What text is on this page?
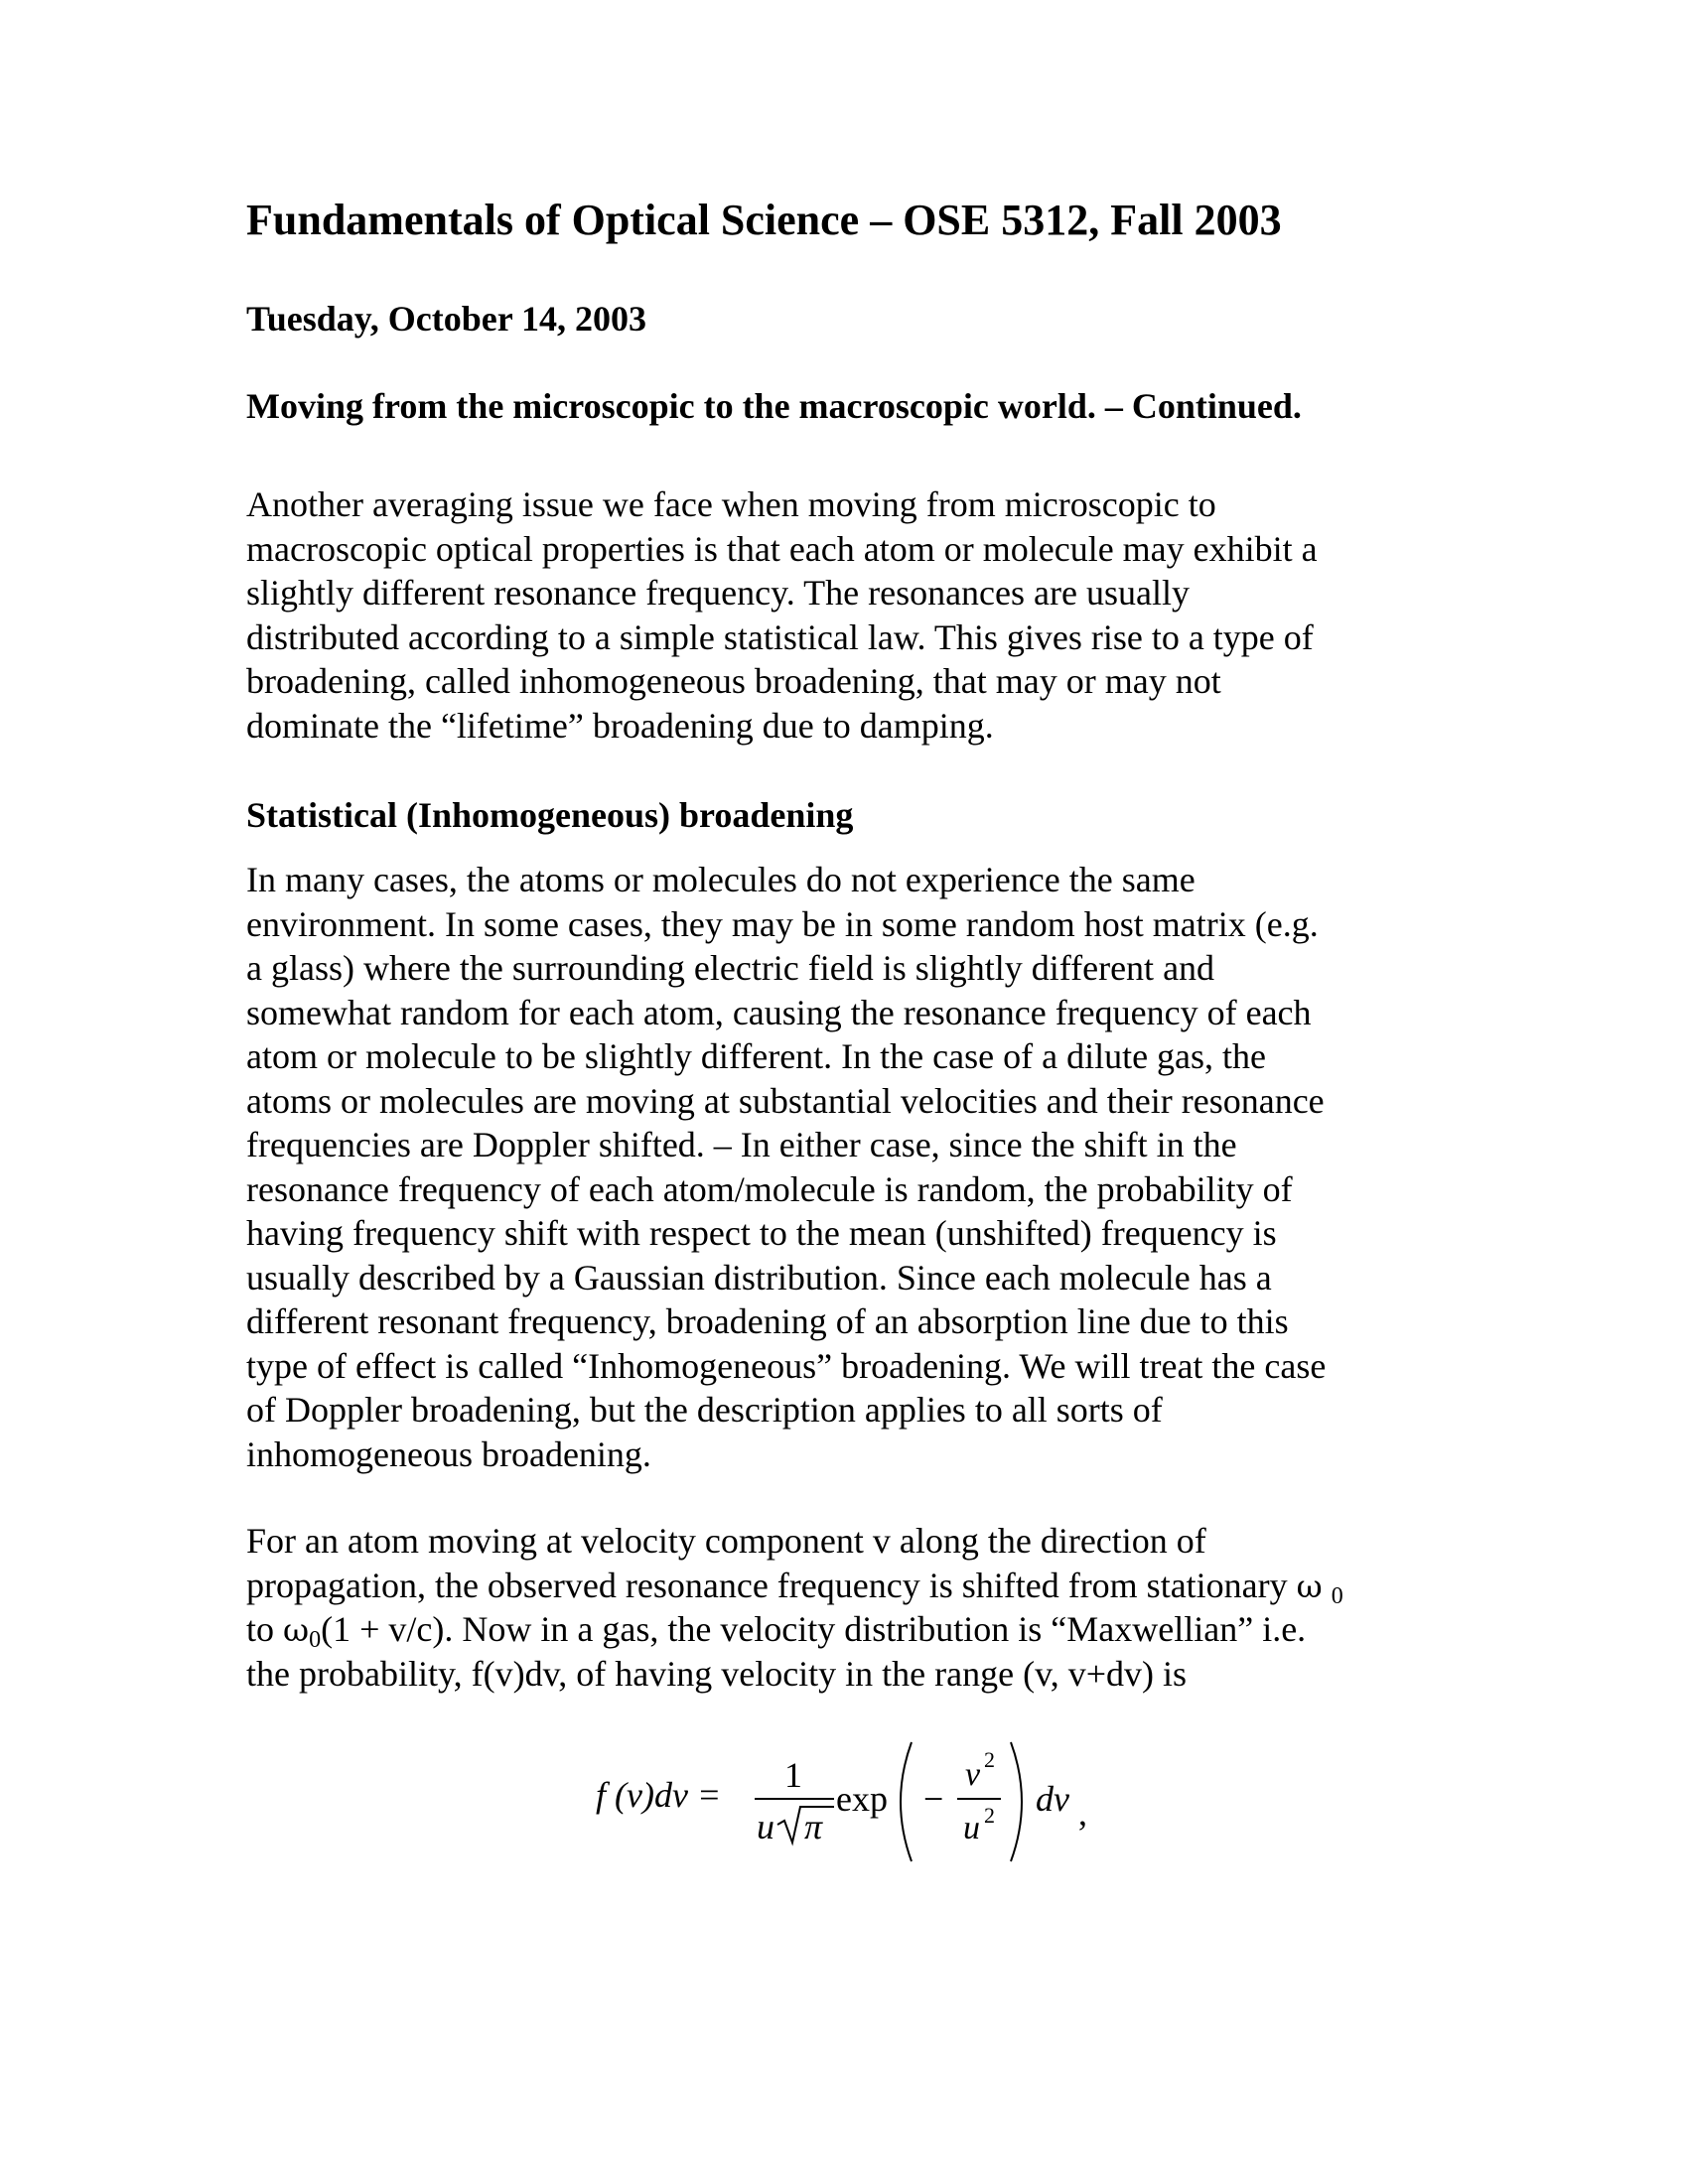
Fundamentals of Optical Science – OSE 5312, Fall 2003
Tuesday, October 14, 2003
Moving from the microscopic to the macroscopic world. – Continued.
Another averaging issue we face when moving from microscopic to
macroscopic optical properties is that each atom or molecule may exhibit a
slightly different resonance frequency. The resonances are usually
distributed according to a simple statistical law. This gives rise to a type of
broadening, called inhomogeneous broadening, that may or may not
dominate the “lifetime” broadening due to damping.
Statistical (Inhomogeneous) broadening
In many cases, the atoms or molecules do not experience the same
environment. In some cases, they may be in some random host matrix (e.g.
a glass) where the surrounding electric field is slightly different and
somewhat random for each atom, causing the resonance frequency of each
atom or molecule to be slightly different. In the case of a dilute gas, the
atoms or molecules are moving at substantial velocities and their resonance
frequencies are Doppler shifted. – In either case, since the shift in the
resonance frequency of each atom/molecule is random, the probability of
having frequency shift with respect to the mean (unshifted) frequency is
usually described by a Gaussian distribution. Since each molecule has a
different resonant frequency, broadening of an absorption line due to this
type of effect is called “Inhomogeneous” broadening. We will treat the case
of Doppler broadening, but the description applies to all sorts of
inhomogeneous broadening.
For an atom moving at velocity component v along the direction of
propagation, the observed resonance frequency is shifted from stationary ω $_0$
to $\omega_0(1 + v/c)$. Now in a gas, the velocity distribution is “Maxwellian” i.e.
the probability, f(v)dv, of having velocity in the range (v, v+dv) is
f (v)dv = 1
u π
exp −
v 2
u 2 dv ,
